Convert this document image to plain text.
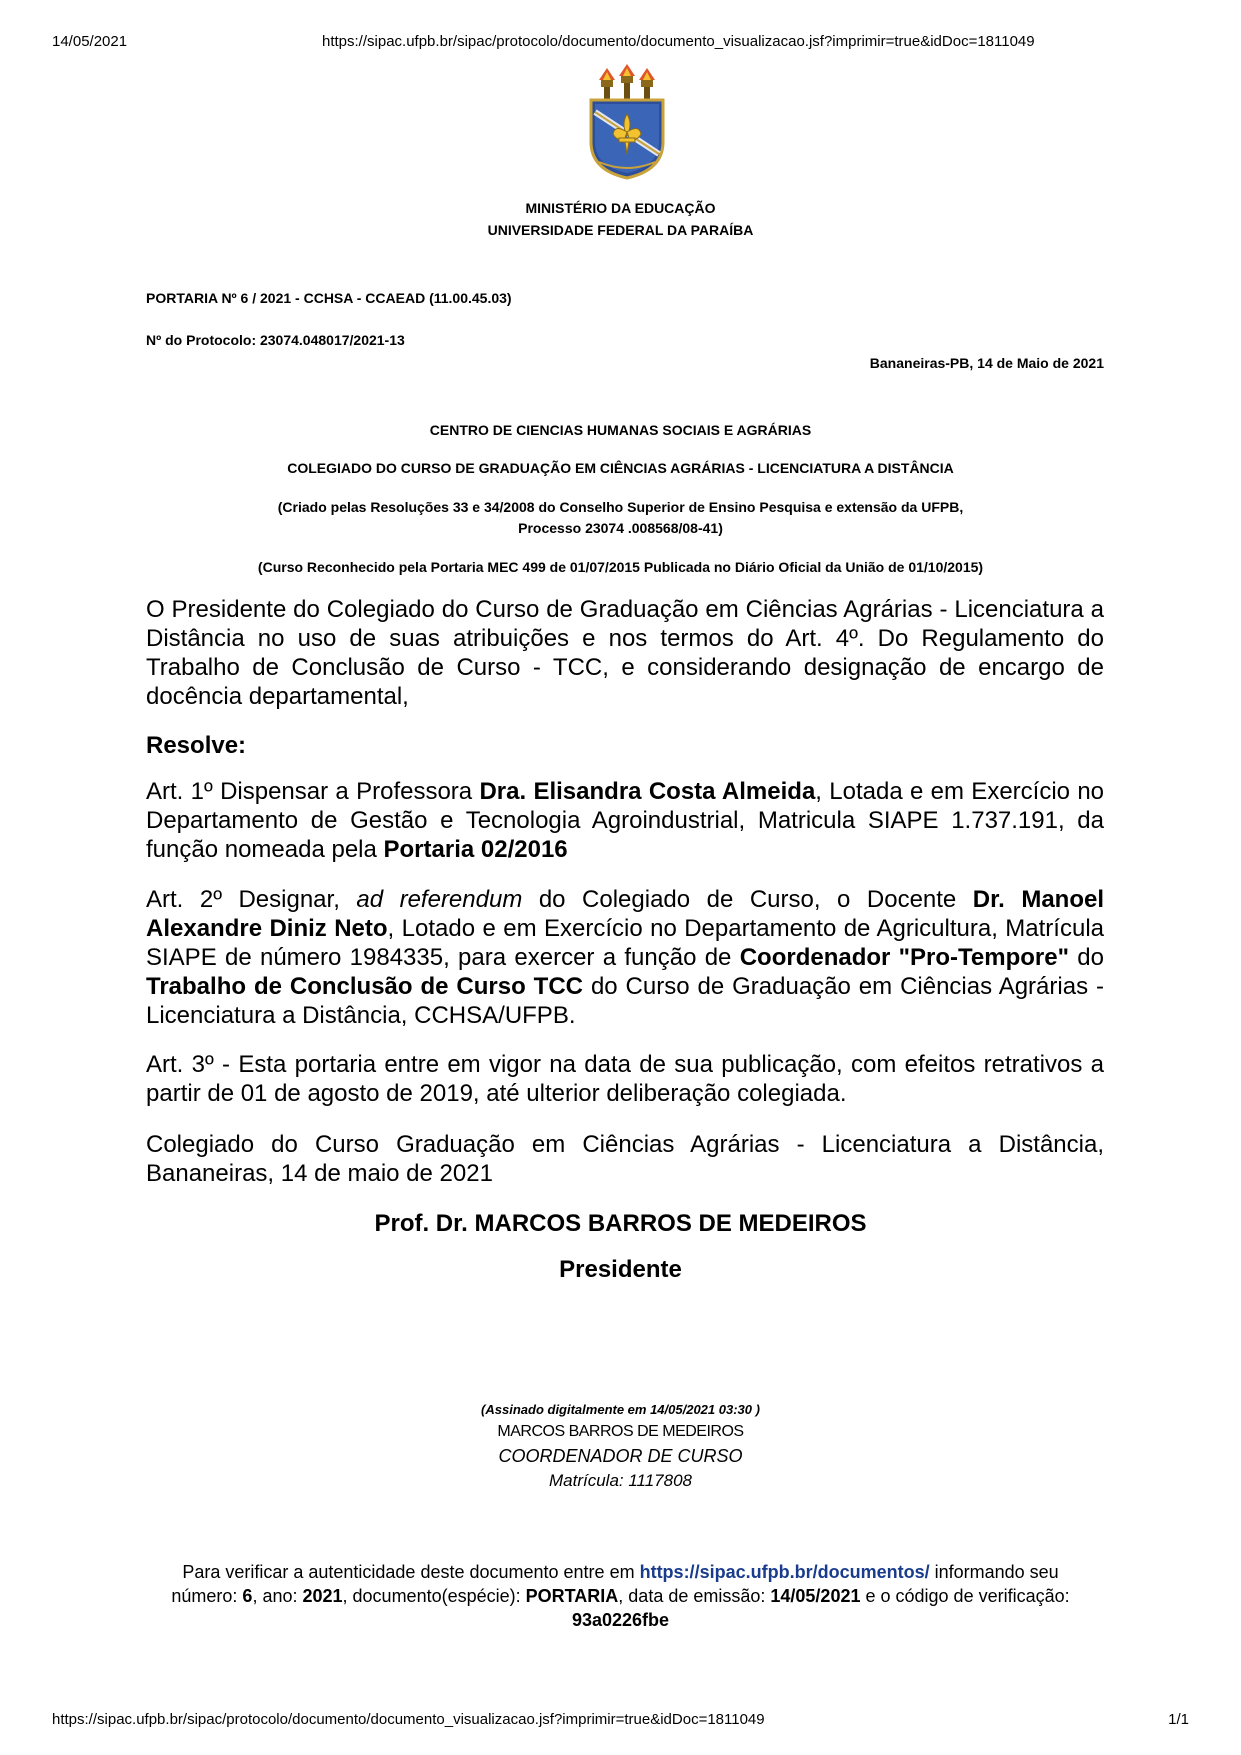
14/05/2021	https://sipac.ufpb.br/sipac/protocolo/documento/documento_visualizacao.jsf?imprimir=true&idDoc=1811049
MINISTÉRIO DA EDUCAÇÃO
UNIVERSIDADE FEDERAL DA PARAÍBA
PORTARIA Nº 6 / 2021 - CCHSA - CCAEAD (11.00.45.03)
Nº do Protocolo: 23074.048017/2021-13
Bananeiras-PB, 14 de Maio de 2021
CENTRO DE CIENCIAS HUMANAS SOCIAIS E AGRÁRIAS
COLEGIADO DO CURSO DE GRADUAÇÃO EM CIÊNCIAS AGRÁRIAS - LICENCIATURA A DISTÂNCIA
(Criado pelas Resoluções 33 e 34/2008 do Conselho Superior de Ensino Pesquisa e extensão da UFPB,
Processo 23074 .008568/08-41)
(Curso Reconhecido pela Portaria MEC 499 de 01/07/2015 Publicada no Diário Oficial da União de 01/10/2015)
O Presidente do Colegiado do Curso de Graduação em Ciências Agrárias - Licenciatura a Distância no uso de suas atribuições e nos termos do Art. 4º. Do Regulamento do Trabalho de Conclusão de Curso - TCC, e considerando designação de encargo de docência departamental,
Resolve:
Art. 1º Dispensar a Professora Dra. Elisandra Costa Almeida, Lotada e em Exercício no Departamento de Gestão e Tecnologia Agroindustrial, Matricula SIAPE 1.737.191, da função nomeada pela Portaria 02/2016
Art. 2º Designar, ad referendum do Colegiado de Curso, o Docente Dr. Manoel Alexandre Diniz Neto, Lotado e em Exercício no Departamento de Agricultura, Matrícula SIAPE de número 1984335, para exercer a função de Coordenador "Pro-Tempore" do Trabalho de Conclusão de Curso TCC do Curso de Graduação em Ciências Agrárias - Licenciatura a Distância, CCHSA/UFPB.
Art. 3º - Esta portaria entre em vigor na data de sua publicação, com efeitos retrativos a partir de 01 de agosto de 2019, até ulterior deliberação colegiada.
Colegiado do Curso Graduação em Ciências Agrárias - Licenciatura a Distância, Bananeiras, 14 de maio de 2021
Prof. Dr. MARCOS BARROS DE MEDEIROS
Presidente
(Assinado digitalmente em 14/05/2021 03:30 )
MARCOS BARROS DE MEDEIROS
COORDENADOR DE CURSO
Matrícula: 1117808
Para verificar a autenticidade deste documento entre em https://sipac.ufpb.br/documentos/ informando seu número: 6, ano: 2021, documento(espécie): PORTARIA, data de emissão: 14/05/2021 e o código de verificação: 93a0226fbe
https://sipac.ufpb.br/sipac/protocolo/documento/documento_visualizacao.jsf?imprimir=true&idDoc=1811049	1/1
